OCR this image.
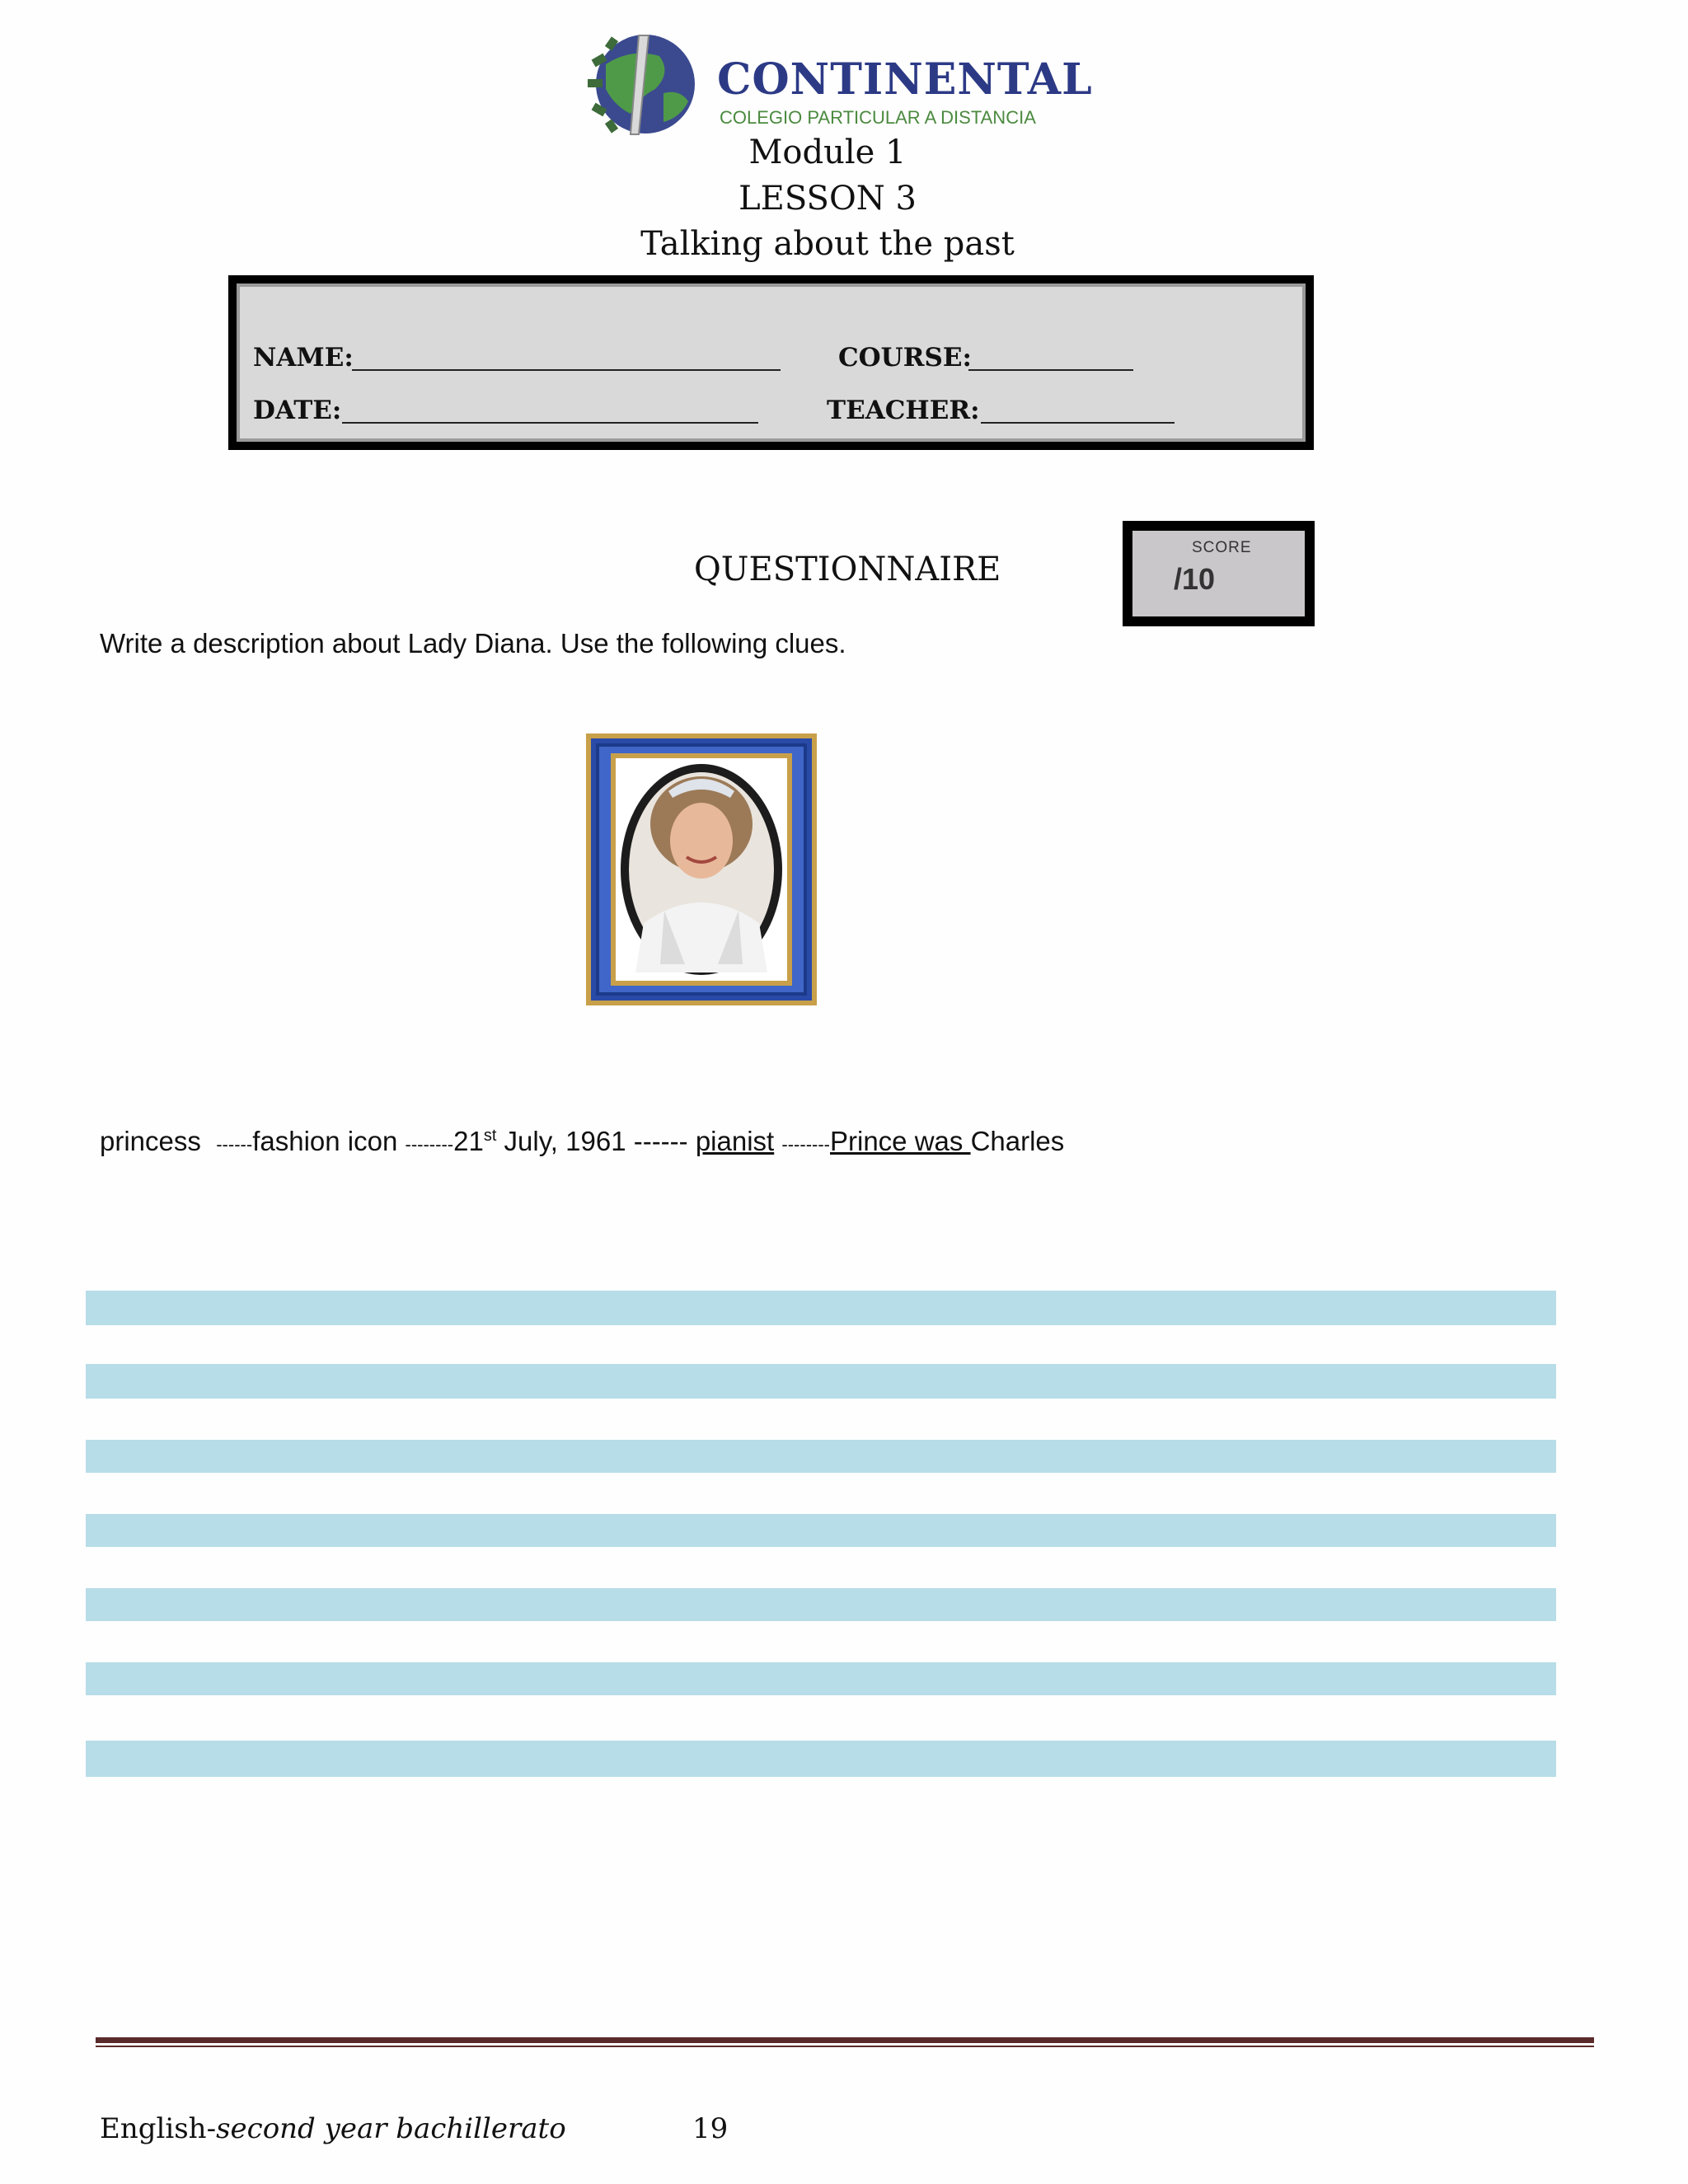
CONTINENTAL
COLEGIO PARTICULAR A DISTANCIA
Module 1
LESSON 3
Talking about the past
NAME:	COURSE:
DATE:	TEACHER:
QUESTIONNAIRE
SCORE
/10
Write a description about Lady Diana. Use the following clues.
princess ------fashion icon --------21st July, 1961 ------ pianist --------Prince was Charles
English-second year bachillerato	19
